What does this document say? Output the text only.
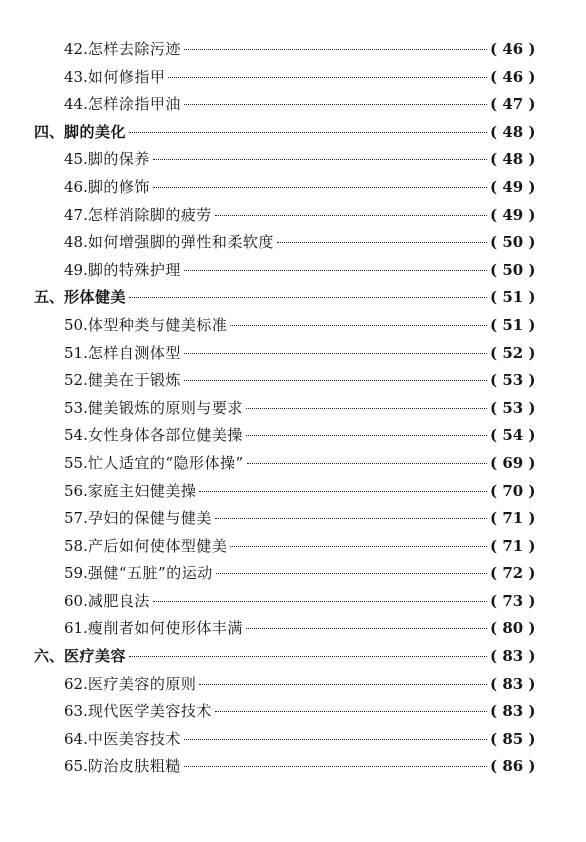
42. 怎样去除污迹	( 46 )
43. 如何修指甲	( 46 )
44. 怎样涂指甲油	( 47 )
四、 脚的美化	( 48 )
45. 脚的保养	( 48 )
46. 脚的修饰	( 49 )
47. 怎样消除脚的疲劳	( 49 )
48. 如何增强脚的弹性和柔软度	( 50 )
49. 脚的特殊护理	( 50 )
五、 形体健美	( 51 )
50. 体型种类与健美标准	( 51 )
51. 怎样自测体型	( 52 )
52. 健美在于锻炼	( 53 )
53. 健美锻炼的原则与要求	( 53 )
54. 女性身体各部位健美操	( 54 )
55. 忙人适宜的“隐形体操”	( 69 )
56. 家庭主妇健美操	( 70 )
57. 孕妇的保健与健美	( 71 )
58. 产后如何使体型健美	( 71 )
59. 强健“五脏”的运动	( 72 )
60. 减肥良法	( 73 )
61. 瘦削者如何使形体丰满	( 80 )
六、 医疗美容	( 83 )
62. 医疗美容的原则	( 83 )
63. 现代医学美容技术	( 83 )
64. 中医美容技术	( 85 )
65. 防治皮肤粗糙	( 86 )
